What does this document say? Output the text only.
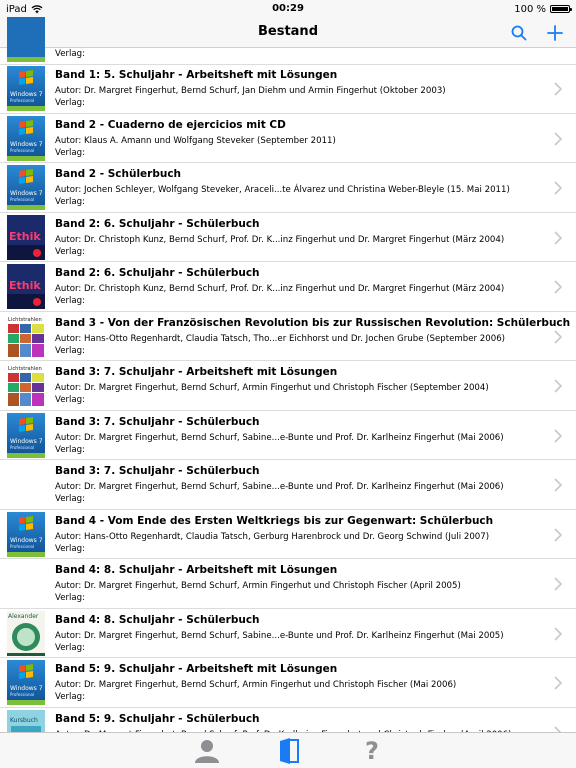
iPad	00:29	100 %
Bestand
Verlag:
Windows 7
Professional
Band 1: 5. Schuljahr - Arbeitsheft mit Lösungen
Autor: Dr. Margret Fingerhut, Bernd Schurf, Jan Diehm und Armin Fingerhut (Oktober 2003)
Verlag:
Windows 7
Professional
Band 2 - Cuaderno de ejercicios mit CD
Autor: Klaus A. Amann und Wolfgang Steveker (September 2011)
Verlag:
Windows 7
Professional
Band 2 - Schülerbuch
Autor: Jochen Schleyer, Wolfgang Steveker, Araceli...te Álvarez und Christina Weber-Bleyle (15. Mai 2011)
Verlag:
Ethik
Band 2: 6. Schuljahr - Schülerbuch
Autor: Dr. Christoph Kunz, Bernd Schurf, Prof. Dr. K...inz Fingerhut und Dr. Margret Fingerhut (März 2004)
Verlag:
Ethik
Band 2: 6. Schuljahr - Schülerbuch
Autor: Dr. Christoph Kunz, Bernd Schurf, Prof. Dr. K...inz Fingerhut und Dr. Margret Fingerhut (März 2004)
Verlag:
Lichtstrahlen Band 3 - Von der Französischen Revolution bis zur Russischen Revolution: Schülerbuch
Autor: Hans-Otto Regenhardt, Claudia Tatsch, Tho...er Eichhorst und Dr. Jochen Grube (September 2006)
Verlag:
Lichtstrahlen Band 3: 7. Schuljahr - Arbeitsheft mit Lösungen
Autor: Dr. Margret Fingerhut, Bernd Schurf, Armin Fingerhut und Christoph Fischer (September 2004)
Verlag:
Windows 7
Professional
Band 3: 7. Schuljahr - Schülerbuch
Autor: Dr. Margret Fingerhut, Bernd Schurf, Sabine...e-Bunte und Prof. Dr. Karlheinz Fingerhut (Mai 2006)
Verlag:
Band 3: 7. Schuljahr - Schülerbuch
Autor: Dr. Margret Fingerhut, Bernd Schurf, Sabine...e-Bunte und Prof. Dr. Karlheinz Fingerhut (Mai 2006)
Verlag:
Windows 7
Professional
Band 4 - Vom Ende des Ersten Weltkriegs bis zur Gegenwart: Schülerbuch
Autor: Hans-Otto Regenhardt, Claudia Tatsch, Gerburg Harenbrock und Dr. Georg Schwind (Juli 2007)
Verlag:
Band 4: 8. Schuljahr - Arbeitsheft mit Lösungen
Autor: Dr. Margret Fingerhut, Bernd Schurf, Armin Fingerhut und Christoph Fischer (April 2005)
Verlag:
Alexander Band 4: 8. Schuljahr - Schülerbuch
Autor: Dr. Margret Fingerhut, Bernd Schurf, Sabine...e-Bunte und Prof. Dr. Karlheinz Fingerhut (Mai 2005)
Verlag:
Windows 7
Professional
Band 5: 9. Schuljahr - Arbeitsheft mit Lösungen
Autor: Dr. Margret Fingerhut, Bernd Schurf, Armin Fingerhut und Christoph Fischer (Mai 2006)
Verlag:
Kursbuch Band 5: 9. Schuljahr - Schülerbuch
?
